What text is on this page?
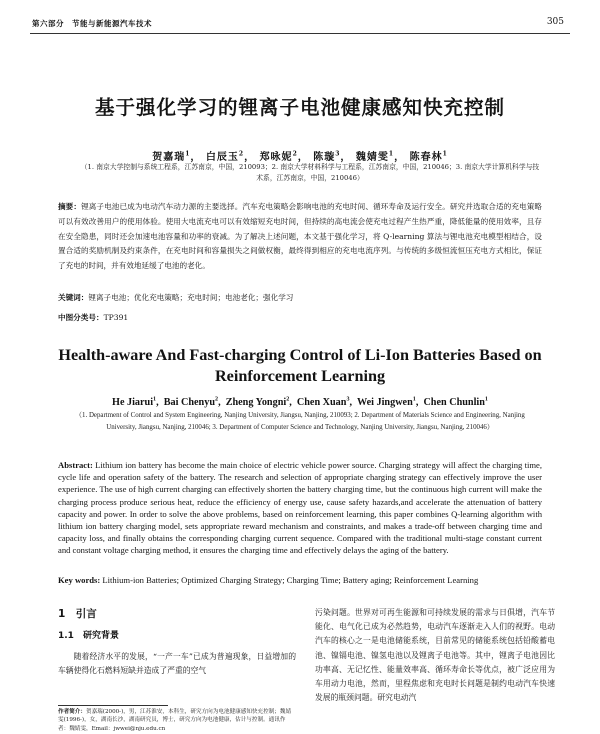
第六部分　节能与新能源汽车技术	305
基于强化学习的锂离子电池健康感知快充控制
贺嘉瑞$^1$， 白辰玉$^2$， 郑咏妮$^2$， 陈璇$^3$， 魏婧雯$^1$， 陈春林$^1$
（1. 南京大学控制与系统工程系，江苏南京，中国，210093；2. 南京大学材料科学与工程系，江苏南京，中国，210046；3. 南京大学计算机科学与技术系，江苏南京，中国，210046）
摘要：锂离子电池已成为电动汽车动力源的主要选择。汽车充电策略会影响电池的充电时间、循环寿命及运行安全。研究并选取合适的充电策略可以有效改善用户的使用体验。使用大电流充电可以有效缩短充电时间，但持续的高电流会使充电过程产生热严重，降低能量的使用效率，且存在安全隐患，同时还会加速电池容量和功率的衰减。为了解决上述问题，本文基于强化学习，将 Q-learning 算法与锂电池充电模型相结合，设置合适的奖励机制及约束条件，在充电时间和容量损失之间做权衡，最终得到相应的充电电流序列。与传统的多级恒流恒压充电方式相比，保证了充电的时间，并有效地延缓了电池的老化。
关键词：锂离子电池；优化充电策略；充电时间；电池老化；强化学习
中图分类号：TP391
Health-aware And Fast-charging Control of Li-Ion Batteries Based on Reinforcement Learning
He Jiarui$^1$,  Bai Chenyu$^2$,  Zheng Yongni$^2$,  Chen Xuan$^3$,  Wei Jingwen$^1$,  Chen Chunlin$^1$
（1. Department of Control and System Engineering, Nanjing University, Jiangsu, Nanjing, 210093; 2. Department of Materials Science and Engineering, Nanjing University, Jiangsu, Nanjing, 210046; 3. Department of Computer Science and Technology, Nanjing University, Jiangsu, Nanjing, 210046）
Abstract: Lithium ion battery has become the main choice of electric vehicle power source. Charging strategy will affect the charging time, cycle life and operation safety of the battery. The research and selection of appropriate charging strategy can effectively improve the user experience. The use of high current charging can effectively shorten the battery charging time, but the continuous high current will make the charging process produce serious heat, reduce the efficiency of energy use, cause safety hazards,and accelerate the attenuation of battery capacity and power. In order to solve the above problems, based on reinforcement learning, this paper combines Q-learning algorithm with lithium ion battery charging model, sets appropriate reward mechanism and constraints, and makes a trade-off between charging time and capacity loss, and finally obtains the corresponding charging current sequence. Compared with the traditional multi-stage constant current and constant voltage charging method, it ensures the charging time and effectively delays the aging of the battery.
Key words: Lithium-ion Batteries; Optimized Charging Strategy; Charging Time; Battery aging; Reinforcement Learning
1　引言
1.1　研究背景

随着经济水平的发展，“一产一车”已成为普遍现象，日益增加的车辆使得化石燃料短缺并造成了严重的空气

污染问题。世界对可再生能源和可持续发展的需求与日俱增，汽车节能化、电气化已成为必然趋势，电动汽车逐渐走入人们的视野。电动汽车的核心之一是电池储能系统，目前常见的储能系统包括铅酸蓄电池、镍镉电池、镍氢电池以及锂离子电池等。其中，锂离子电池因比功率高、无记忆性、能量效率高、循环寿命长等优点，被广泛应用为车用动力电池，然而，里程焦虑和充电时长问题是制约电动汽车快速发展的瓶颈问题。研究电动汽

作者简介：贺嘉瑞(2000-)，男，江苏淮安，本科生，研究方向为电池健康感知快充控制；魏婧雯(1996-)，女，湖南长沙，湖南研究员，博士，研究方向为电池健康，估计与控制。通讯作者：魏婧雯，Email：jwwei@nju.edu.cn
